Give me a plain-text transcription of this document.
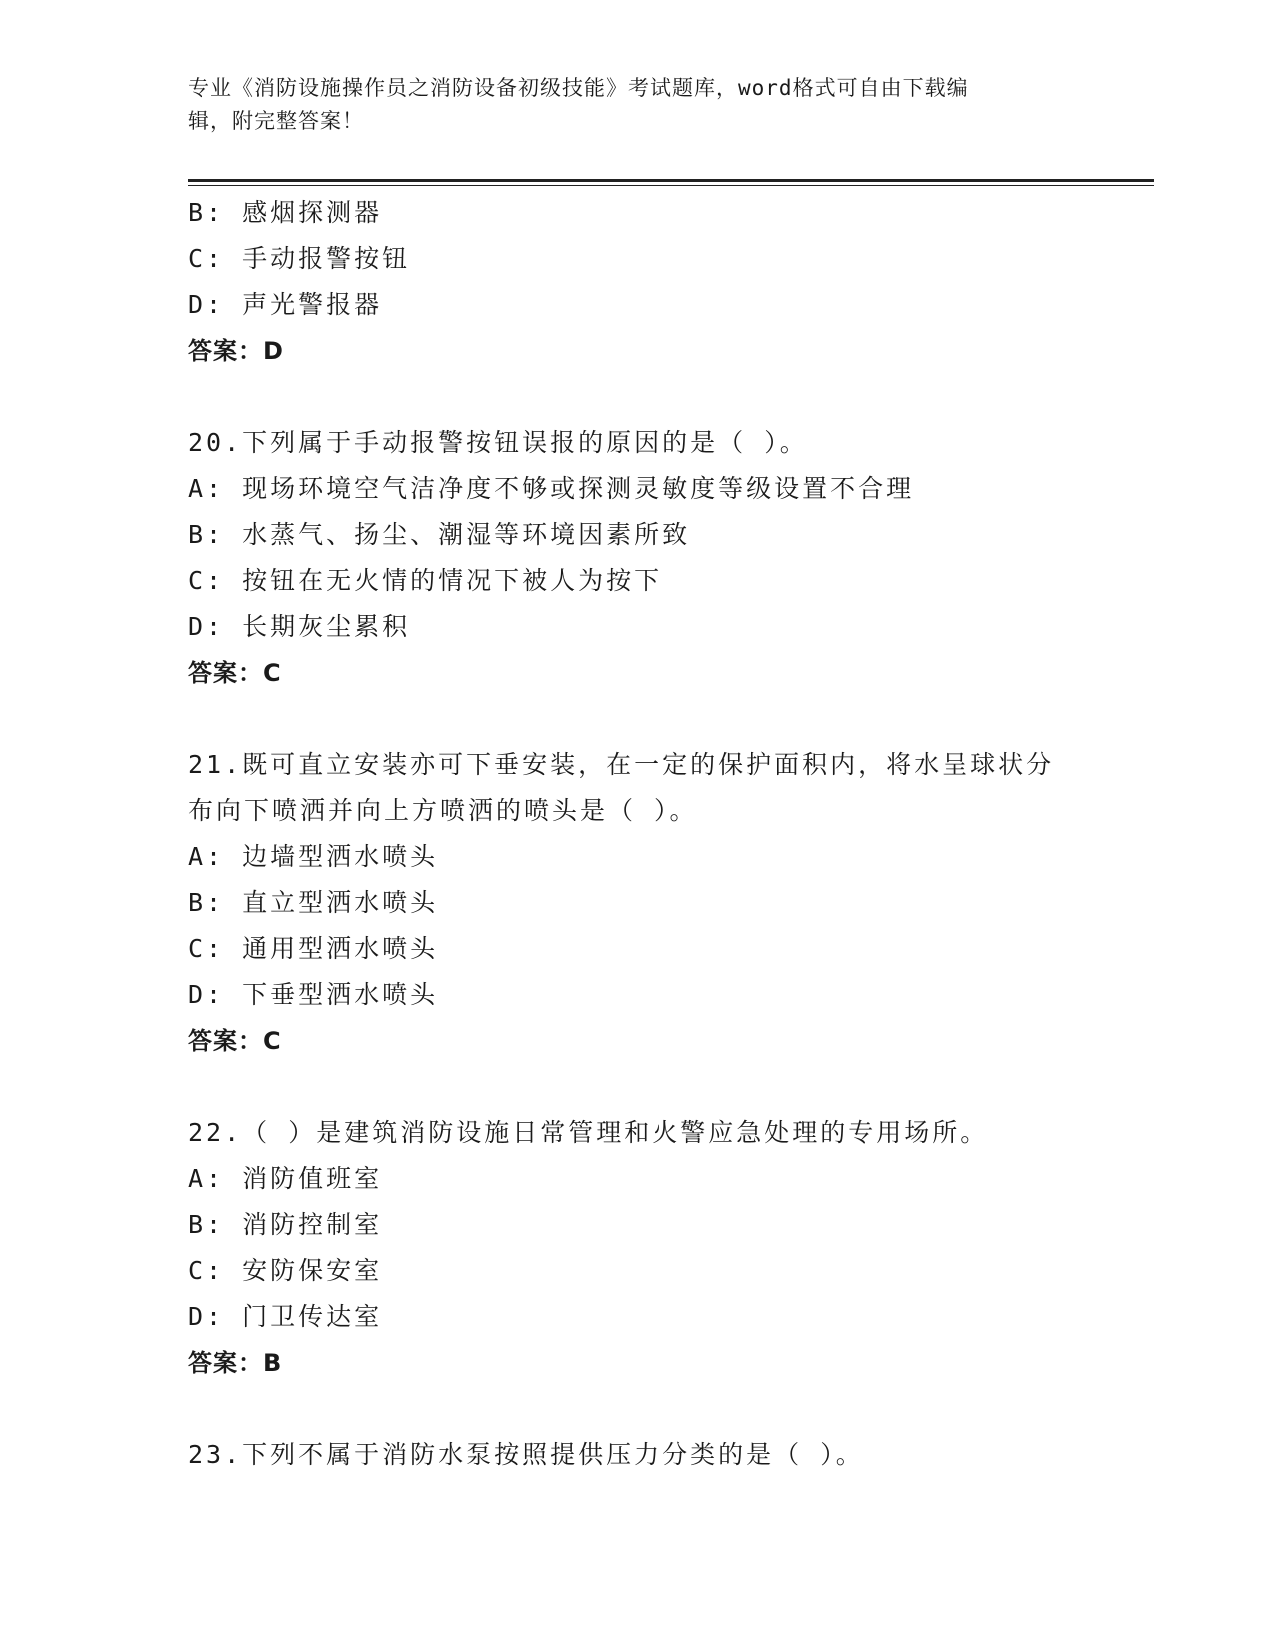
专业《消防设施操作员之消防设备初级技能》考试题库，word格式可自由下载编
辑，附完整答案！
B: 感烟探测器
C: 手动报警按钮
D: 声光警报器
答案：D
20.下列属于手动报警按钮误报的原因的是（ ）。
A: 现场环境空气洁净度不够或探测灵敏度等级设置不合理
B: 水蒸气、扬尘、潮湿等环境因素所致
C: 按钮在无火情的情况下被人为按下
D: 长期灰尘累积
答案：C
21.既可直立安装亦可下垂安装，在一定的保护面积内，将水呈球状分
布向下喷洒并向上方喷洒的喷头是（ ）。
A: 边墙型洒水喷头
B: 直立型洒水喷头
C: 通用型洒水喷头
D: 下垂型洒水喷头
答案：C
22.（ ）是建筑消防设施日常管理和火警应急处理的专用场所。
A: 消防值班室
B: 消防控制室
C: 安防保安室
D: 门卫传达室
答案：B
23.下列不属于消防水泵按照提供压力分类的是（ ）。
